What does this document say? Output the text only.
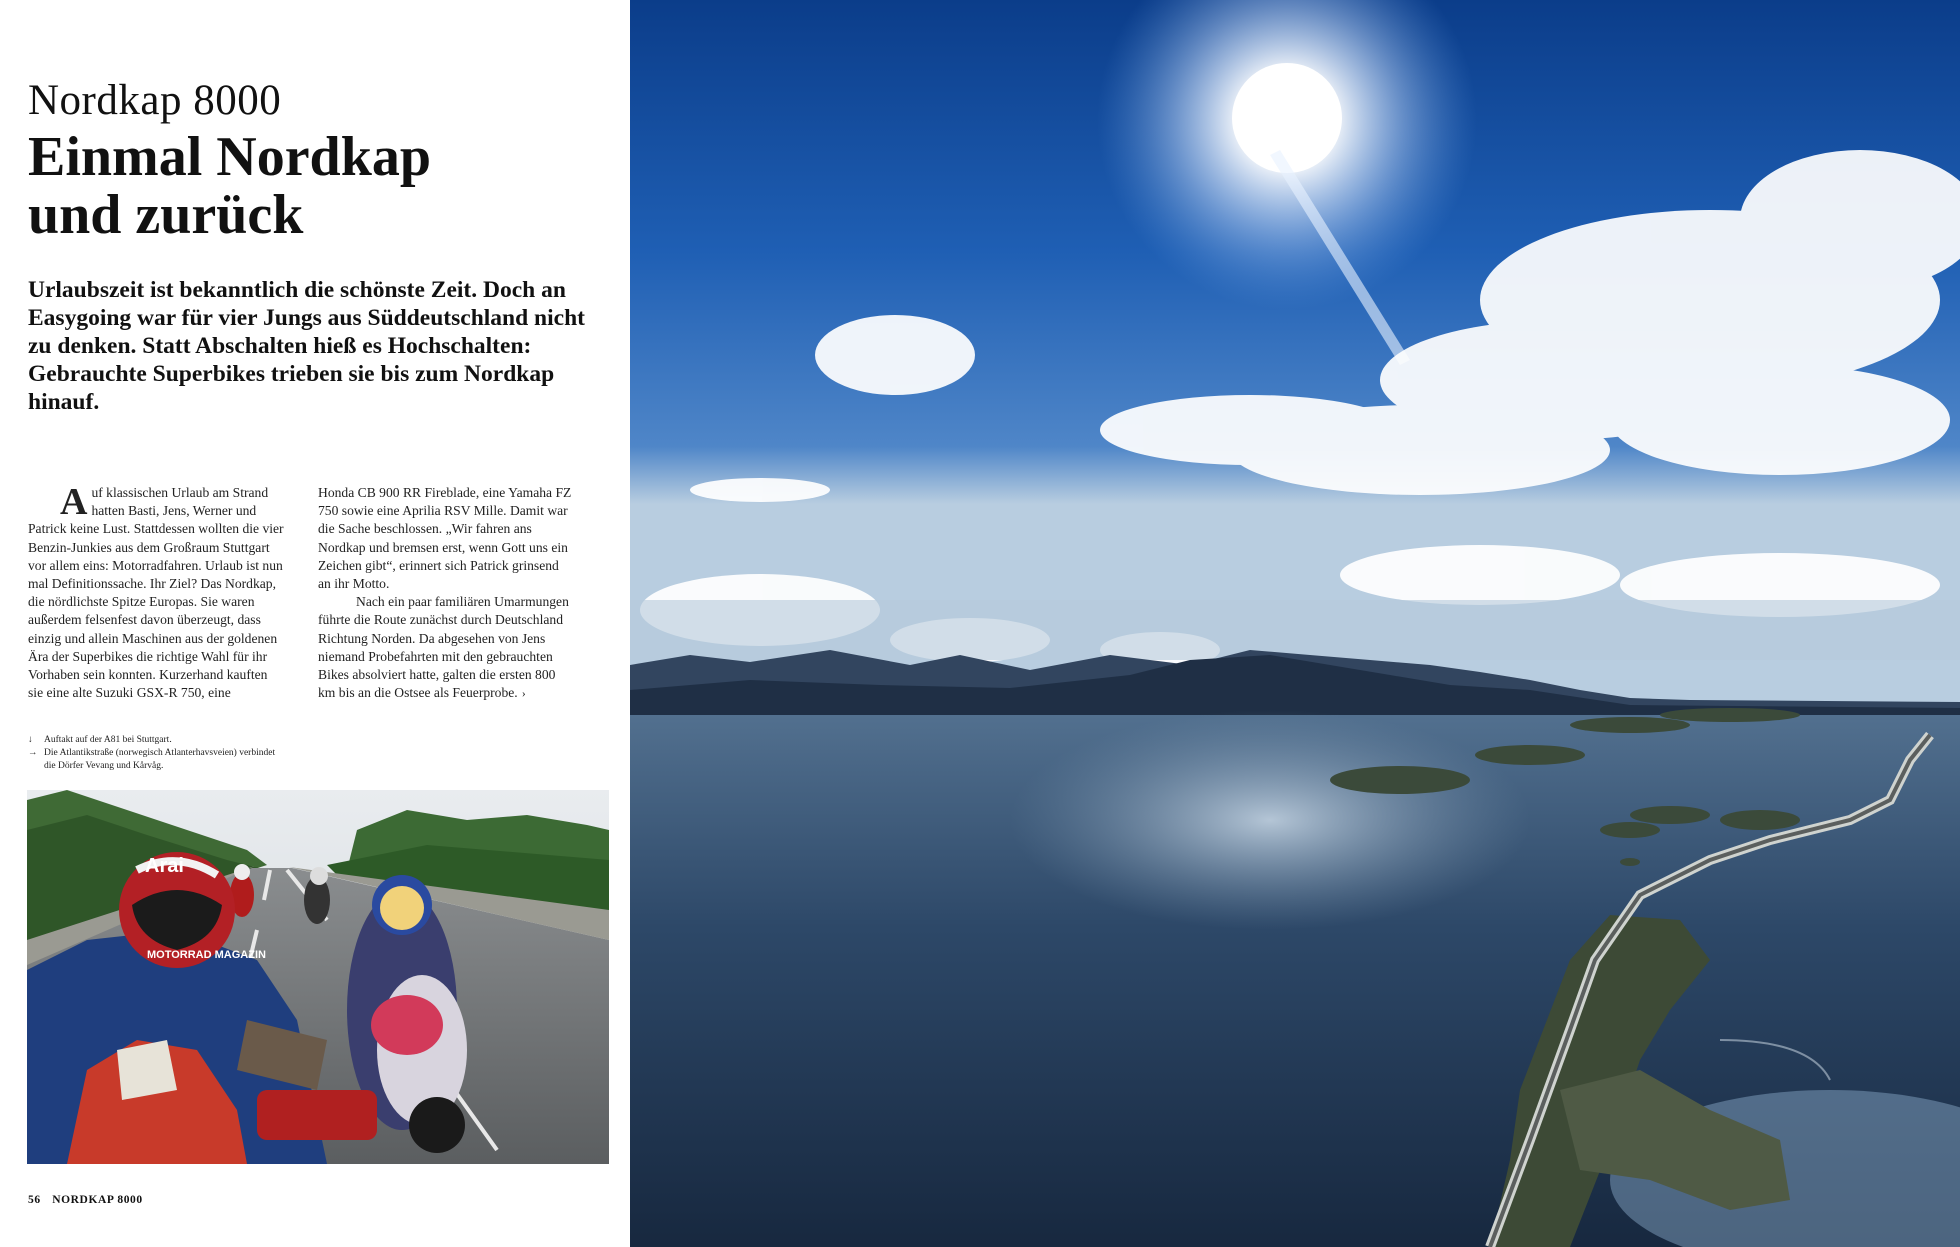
Nordkap 8000
Einmal Nordkap
und zurück

Urlaubszeit ist bekanntlich die schönste Zeit. Doch an Easygoing war für vier Jungs aus Süddeutschland nicht zu denken. Statt Abschalten hieß es Hochschalten: Gebrauchte Superbikes trieben sie bis zum Nordkap hinauf.

A uf klassischen Urlaub am Strand hatten Basti, Jens, Werner und Patrick keine Lust. Stattdessen wollten die vier Benzin-Junkies aus dem Großraum Stuttgart vor allem eins: Motorradfahren. Urlaub ist nun mal Definitionssache. Ihr Ziel? Das Nordkap, die nördlichste Spitze Europas. Sie waren außerdem felsenfest davon überzeugt, dass einzig und allein Maschinen aus der goldenen Ära der Superbikes die richtige Wahl für ihr Vorhaben sein konnten. Kurzerhand kauften sie eine alte Suzuki GSX-R 750, eine

Honda CB 900 RR Fireblade, eine Yamaha FZ 750 sowie eine Aprilia RSV Mille. Damit war die Sache beschlossen. „Wir fahren ans Nordkap und bremsen erst, wenn Gott uns ein Zeichen gibt“, erinnert sich Patrick grinsend an ihr Motto.
Nach ein paar familiären Umarmungen führte die Route zunächst durch Deutschland Richtung Norden. Da abgesehen von Jens niemand Probefahrten mit den gebrauchten Bikes absolviert hatte, galten die ersten 800 km bis an die Ostsee als Feuerprobe. ›
↓	Auftakt auf der A81 bei Stuttgart.
→ Die Atlantikstraße (norwegisch Atlanterhavsveien) verbindet die Dörfer Vevang und Kårvåg.
Arai
MOTORRAD MAGAZIN
56 NORDKAP 8000
